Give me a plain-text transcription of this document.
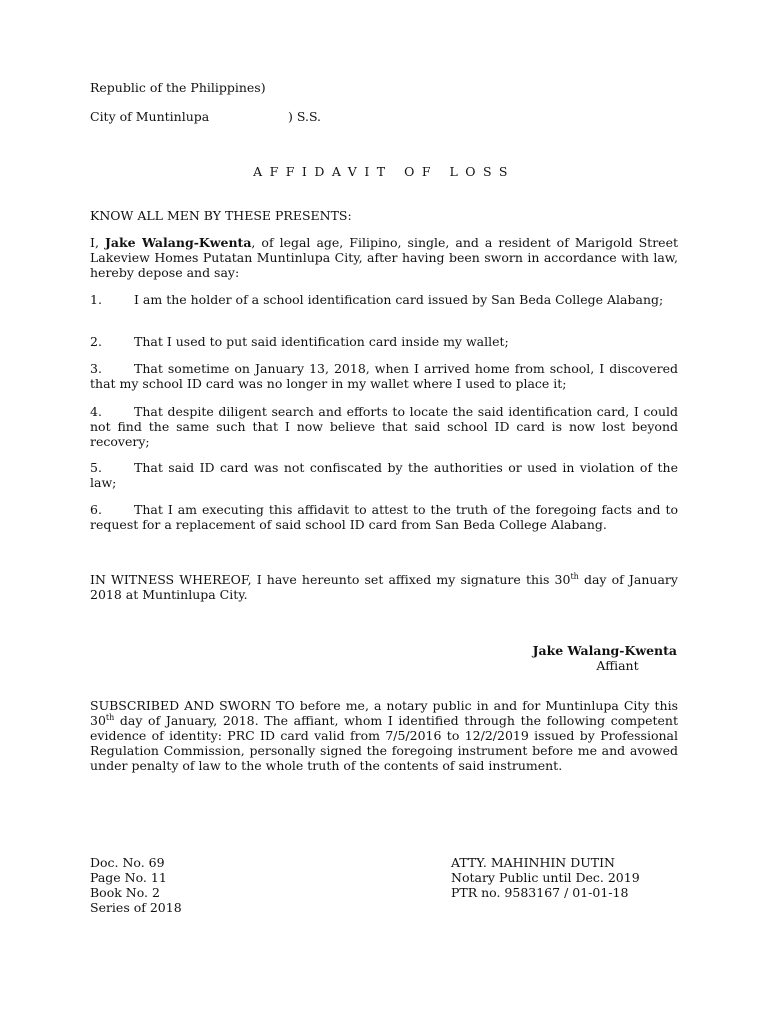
Republic of the Philippines)
City of Muntinlupa	) S.S.
AFFIDAVIT OF LOSS
KNOW ALL MEN BY THESE PRESENTS:
I, Jake Walang-Kwenta, of legal age, Filipino, single, and a resident of Marigold Street Lakeview Homes Putatan Muntinlupa City, after having been sworn in accordance with law, hereby depose and say:
1.	I am the holder of a school identification card issued by San Beda College Alabang;
2.	That I used to put said identification card inside my wallet;
3.	That sometime on January 13, 2018, when I arrived home from school, I discovered that my school ID card was no longer in my wallet where I used to place it;
4.	That despite diligent search and efforts to locate the said identification card, I could not find the same such that I now believe that said school ID card is now lost beyond recovery;
5.	That said ID card was not confiscated by the authorities or used in violation of the law;
6.	That I am executing this affidavit to attest to the truth of the foregoing facts and to request for a replacement of said school ID card from San Beda College Alabang.
IN WITNESS WHEREOF, I have hereunto set affixed my signature this 30th day of January 2018 at Muntinlupa City.
Jake Walang-Kwenta
Affiant
SUBSCRIBED AND SWORN TO before me, a notary public in and for Muntinlupa City this 30th day of January, 2018. The affiant, whom I identified through the following competent evidence of identity: PRC ID card valid from 7/5/2016 to 12/2/2019 issued by Professional Regulation Commission, personally signed the foregoing instrument before me and avowed under penalty of law to the whole truth of the contents of said instrument.
Doc. No. 69
Page No. 11
Book No. 2
Series of 2018
ATTY. MAHINHIN DUTIN
Notary Public until Dec. 2019
PTR no. 9583167 / 01-01-18
